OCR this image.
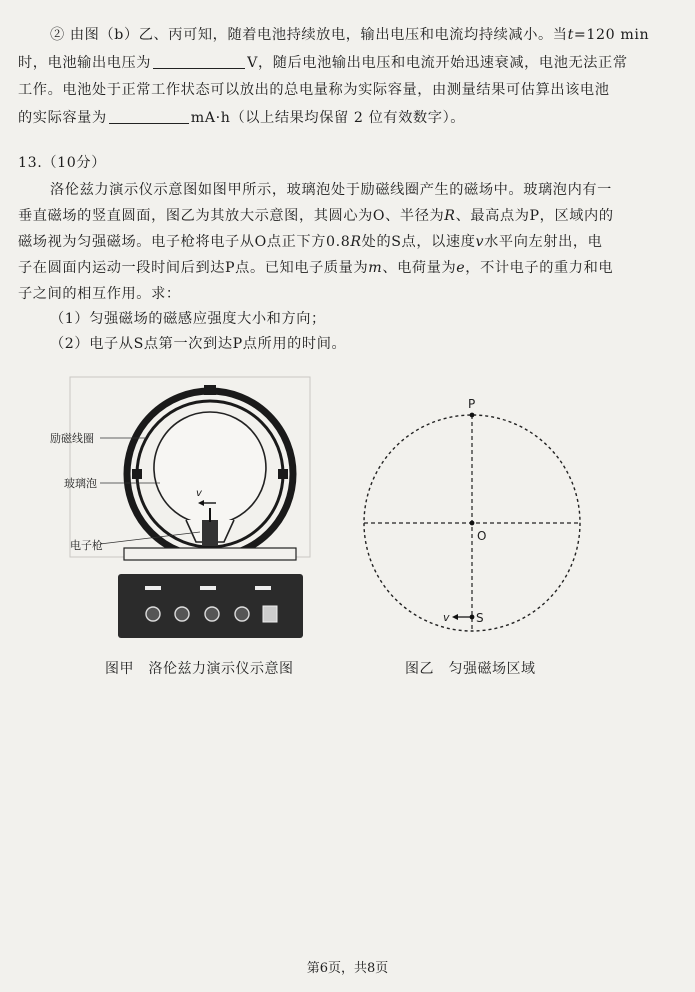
② 由图（b）乙、丙可知，随着电池持续放电，输出电压和电流均持续减小。当t=120 min
时，电池输出电压为	V，随后电池输出电压和电流开始迅速衰减，电池无法正常
工作。电池处于正常工作状态可以放出的总电量称为实际容量，由测量结果可估算出该电池
的实际容量为	mA·h（以上结果均保留 2 位有效数字）。
13.（10分）
洛伦兹力演示仪示意图如图甲所示，玻璃泡处于励磁线圈产生的磁场中。玻璃泡内有一
垂直磁场的竖直圆面，图乙为其放大示意图，其圆心为O、半径为R、最高点为P，区域内的
磁场视为匀强磁场。电子枪将电子从O点正下方0.8R处的S点，以速度v水平向左射出，电
子在圆面内运动一段时间后到达P点。已知电子质量为m、电荷量为e，不计电子的重力和电
子之间的相互作用。求：
（1）匀强磁场的磁感应强度大小和方向；
（2）电子从S点第一次到达P点所用的时间。
v
励磁线圈
玻璃泡
电子枪
P
O
S
v
图甲　洛伦兹力演示仪示意图	图乙　匀强磁场区域
第6页，共8页
